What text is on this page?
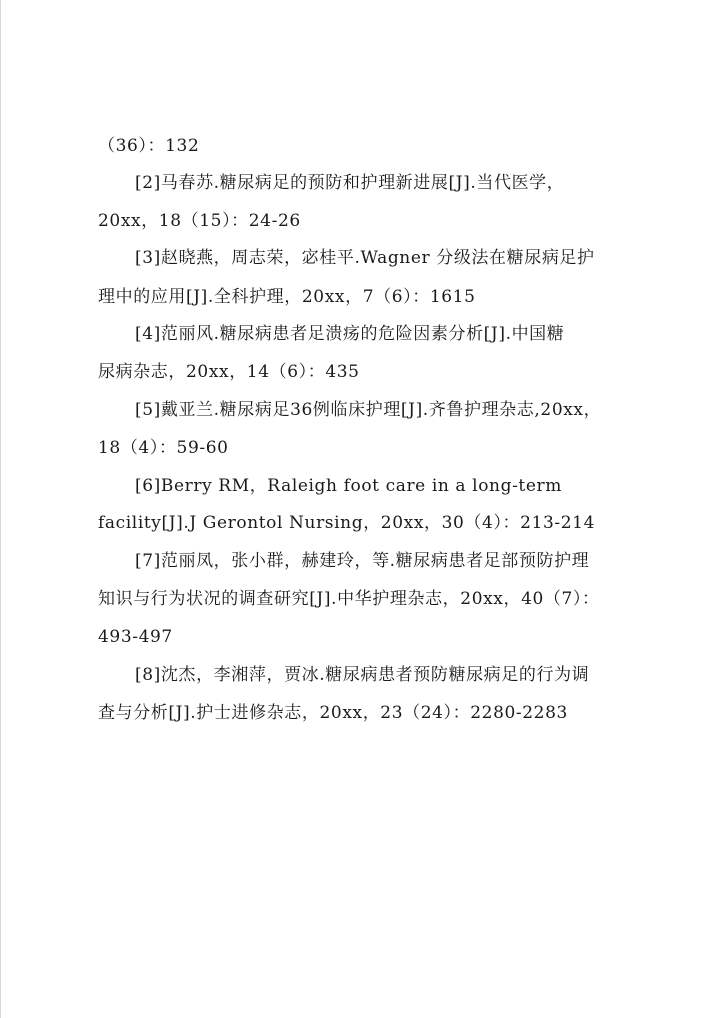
（36）：132
[2]马春苏.糖尿病足的预防和护理新进展[J].当代医学，
20xx，18（15）：24-26
[3]赵晓燕，周志荣，宓桂平.Wagner 分级法在糖尿病足护
理中的应用[J].全科护理，20xx，7（6）：1615
[4]范丽风.糖尿病患者足溃疡的危险因素分析[J].中国糖
尿病杂志，20xx，14（6）：435
[5]戴亚兰.糖尿病足36例临床护理[J].齐鲁护理杂志,20xx，
18（4）：59-60
[6]Berry RM，Raleigh foot care in a long-term
facility[J].J Gerontol Nursing，20xx，30（4）：213-214
[7]范丽凤，张小群，赫建玲，等.糖尿病患者足部预防护理
知识与行为状况的调查研究[J].中华护理杂志，20xx，40（7）：
493-497
[8]沈杰，李湘萍，贾冰.糖尿病患者预防糖尿病足的行为调
查与分析[J].护士进修杂志，20xx，23（24）：2280-2283
